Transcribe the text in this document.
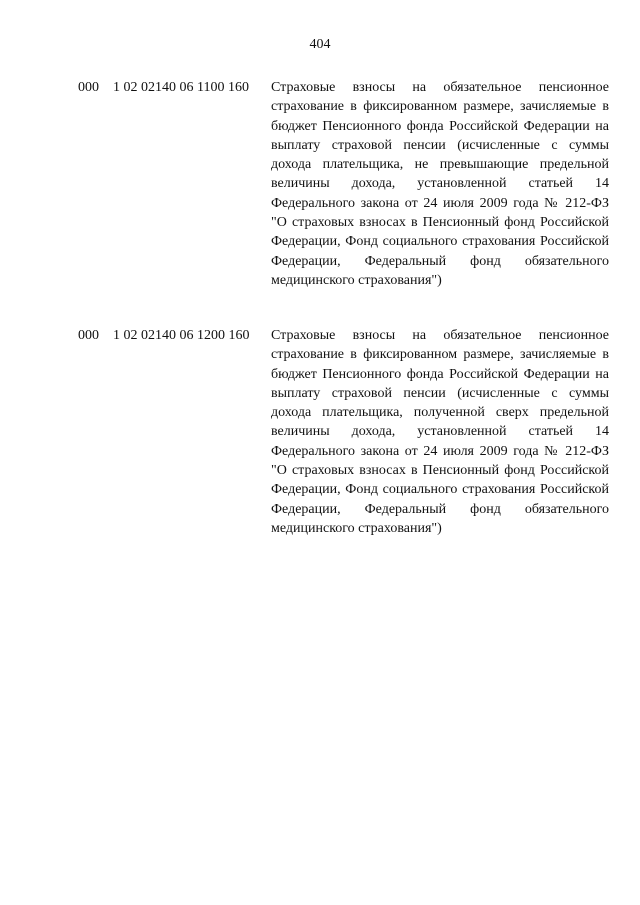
404
000 1 02 02140 06 1100 160 Страховые взносы на обязательное пенсионное страхование в фиксированном размере, зачисляемые в бюджет Пенсионного фонда Российской Федерации на выплату страховой пенсии (исчисленные с суммы дохода плательщика, не превышающие предельной величины дохода, установленной статьей 14 Федерального закона от 24 июля 2009 года № 212-ФЗ "О страховых взносах в Пенсионный фонд Российской Федерации, Фонд социального страхования Российской Федерации, Федеральный фонд обязательного медицинского страхования")

000 1 02 02140 06 1200 160 Страховые взносы на обязательное пенсионное страхование в фиксированном размере, зачисляемые в бюджет Пенсионного фонда Российской Федерации на выплату страховой пенсии (исчисленные с суммы дохода плательщика, полученной сверх предельной величины дохода, установленной статьей 14 Федерального закона от 24 июля 2009 года № 212-ФЗ "О страховых взносах в Пенсионный фонд Российской Федерации, Фонд социального страхования Российской Федерации, Федеральный фонд обязательного медицинского страхования")
